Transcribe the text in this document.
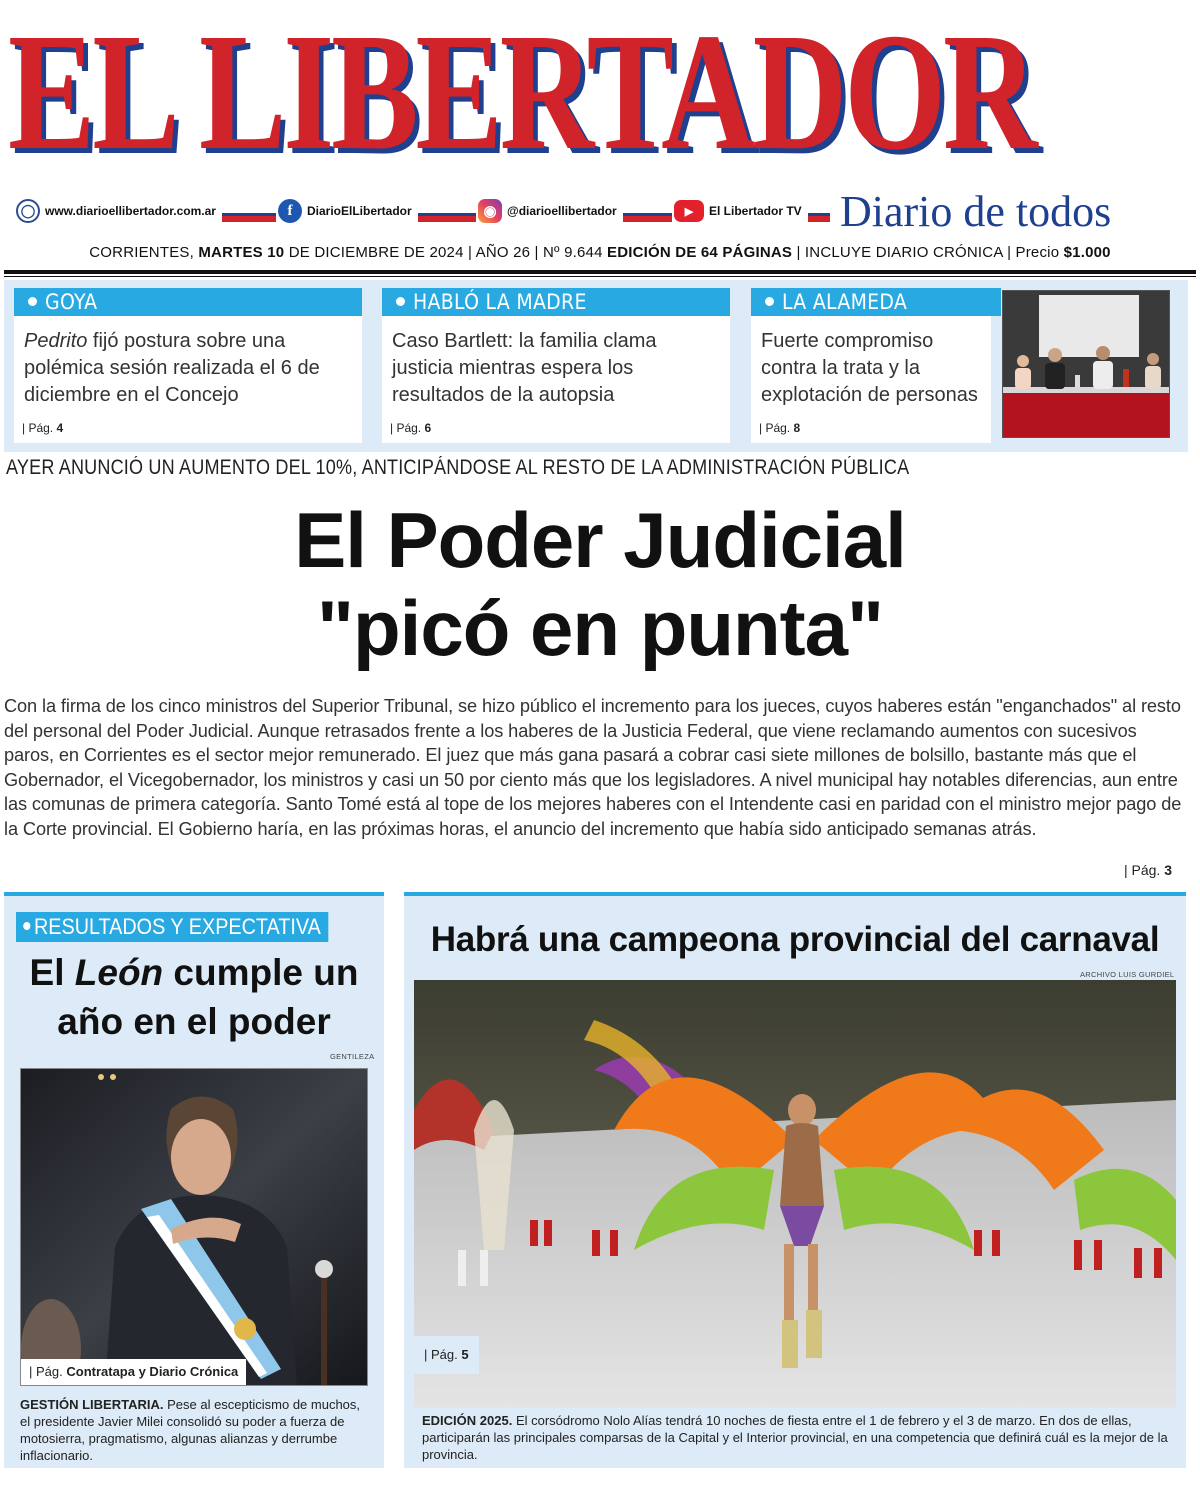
EL LIBERTADOR
◯ www.diarioellibertador.com.ar	f	DiarioElLibertador	◉ @diarioellibertador	▶	El Libertador TV Diario de todos
CORRIENTES, MARTES 10 DE DICIEMBRE DE 2024 | AÑO 26 | Nº 9.644 EDICIÓN DE 64 PÁGINAS | INCLUYE DIARIO CRÓNICA | Precio $1.000
GOYA
Pedrito fijó postura sobre una polémica sesión realizada el 6 de diciembre en el Concejo
| Pág. 4
HABLÓ LA MADRE
Caso Bartlett: la familia clama justicia mientras espera los resultados de la autopsia
| Pág. 6
LA ALAMEDA
Fuerte compromiso contra la trata y la explotación de personas
| Pág. 8
AYER ANUNCIÓ UN AUMENTO DEL 10%, ANTICIPÁNDOSE AL RESTO DE LA ADMINISTRACIÓN PÚBLICA
El Poder Judicial
"picó en punta"
Con la firma de los cinco ministros del Superior Tribunal, se hizo público el incremento para los jueces, cuyos haberes están "enganchados" al resto del personal del Poder Judicial. Aunque retrasados frente a los haberes de la Justicia Federal, que viene reclamando aumentos con sucesivos paros, en Corrientes es el sector mejor remunerado. El juez que más gana pasará a cobrar casi siete millones de bolsillo, bastante más que el Gobernador, el Vicegobernador, los ministros y casi un 50 por ciento más que los legisladores. A nivel municipal hay notables diferencias, aun entre las comunas de primera categoría. Santo Tomé está al tope de los mejores haberes con el Intendente casi en paridad con el ministro mejor pago de la Corte provincial. El Gobierno haría, en las próximas horas, el anuncio del incremento que había sido anticipado semanas atrás.
| Pág. 3
RESULTADOS Y EXPECTATIVA
El León cumple un año en el poder
GENTILEZA
| Pág. Contratapa y Diario Crónica
GESTIÓN LIBERTARIA. Pese al escepticismo de muchos, el presidente Javier Milei consolidó su poder a fuerza de motosierra, pragmatismo, algunas alianzas y derrumbe inflacionario.
Habrá una campeona provincial del carnaval
ARCHIVO LUIS GURDIEL
| Pág. 5
EDICIÓN 2025. El corsódromo Nolo Alías tendrá 10 noches de fiesta entre el 1 de febrero y el 3 de marzo. En dos de ellas, participarán las principales comparsas de la Capital y el Interior provincial, en una competencia que definirá cuál es la mejor de la provincia.
